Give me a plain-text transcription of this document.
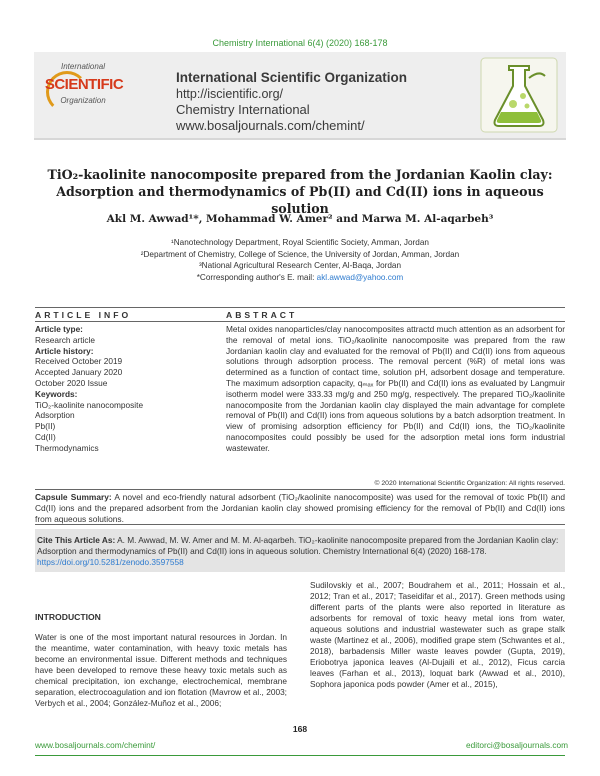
Chemistry International 6(4) (2020) 168-178
International
SCIENTIFIC
Organization
International Scientific Organization
http://iscientific.org/
Chemistry International
www.bosaljournals.com/chemint/
TiO₂-kaolinite nanocomposite prepared from the Jordanian Kaolin clay:
Adsorption and thermodynamics of Pb(II) and Cd(II) ions in aqueous solution
Akl M. Awwad¹*, Mohammad W. Amer² and Marwa M. Al-aqarbeh³
¹Nanotechnology Department, Royal Scientific Society, Amman, Jordan
²Department of Chemistry, College of Science, the University of Jordan, Amman, Jordan
³National Agricultural Research Center, Al-Baqa, Jordan
*Corresponding author's E. mail: akl.awwad@yahoo.com
ARTICLE INFO	ABSTRACT
Article type:
Research article
Article history:
Received October 2019
Accepted January 2020
October 2020 Issue
Keywords:
TiO₂-kaolinite nanocomposite
Adsorption
Pb(II)
Cd(II)
Thermodynamics
Metal oxides nanoparticles/clay nanocomposites attractd much attention as an adsorbent for the removal of metal ions. TiO₂/kaolinite nanocomposite was prepared from the raw Jordanian kaolin clay and evaluated for the removal of Pb(II) and Cd(II) ions from aqueous solutions through adsorption process. The removal percent (%R) of metal ions was determined as a function of contact time, solution pH, adsorbent dosage and temperature. The maximum adsorption capacity, qₘₐₓ for Pb(II) and Cd(II) ions as evaluated by Langmuir isotherm model were 333.33 mg/g and 250 mg/g, respectively. The prepared TiO₂/kaolinite nanocomposite from the Jordanian kaolin clay displayed the main advantage for complete removal of Pb(II) and Cd(II) ions from aqueous solutions by a batch adsorption treatment. In view of promising adsorption efficiency for Pb(II) and Cd(II) ions, the TiO₂/kaolinite nanocomposites could possibly be used for the adsorption metal ions form industrial wastewater.
© 2020 International Scientific Organization: All rights reserved.
Capsule Summary: A novel and eco-friendly natural adsorbent (TiO₂/kaolinite nanocomposite) was used for the removal of toxic Pb(II) and Cd(II) ions and the prepared adsorbent from the Jordanian kaolin clay showed promising efficiency for the removal of Pb(II) and Cd(II) ions from aqueous solutions.
Cite This Article As: A. M. Awwad, M. W. Amer and M. M. Al-aqarbeh. TiO₂-kaolinite nanocomposite prepared from the Jordanian Kaolin clay: Adsorption and thermodynamics of Pb(II) and Cd(II) ions in aqueous solution. Chemistry International 6(4) (2020) 168-178. https://doi.org/10.5281/zenodo.3597558
INTRODUCTION
Water is one of the most important natural resources in Jordan. In the meantime, water contamination, with heavy toxic metals has become an environmental issue. Different methods and techniques have been developed to remove these heavy toxic metals such as chemical precipitation, ion exchange, electrochemical, membrane separation, electrocoagulation and ion flotation (Mavrow et al., 2003; Verbych et al., 2004; González-Muñoz et al., 2006;
Sudilovskiy et al., 2007; Boudrahem et al., 2011; Hossain et al., 2012; Tran et al., 2017; Taseidifar et al., 2017). Green methods using different parts of the plants were also reported in literature as adsorbents for removal of toxic heavy metal ions from water, aqueous solutions and industrial wastewater such as grape stalk waste (Martinez et al., 2006), modified grape stem (Schwantes et al., 2018), barbadensis Miller waste leaves powder (Gupta, 2019), Eriobotrya japonica leaves (Al-Dujaili et al., 2012), Ficus carcia leaves (Farhan et al., 2013), loquat bark (Awwad et al., 2010), Sophora japonica pods powder (Amer et al., 2015),
168
www.bosaljournals.com/chemint/	editorci@bosaljournals.com
